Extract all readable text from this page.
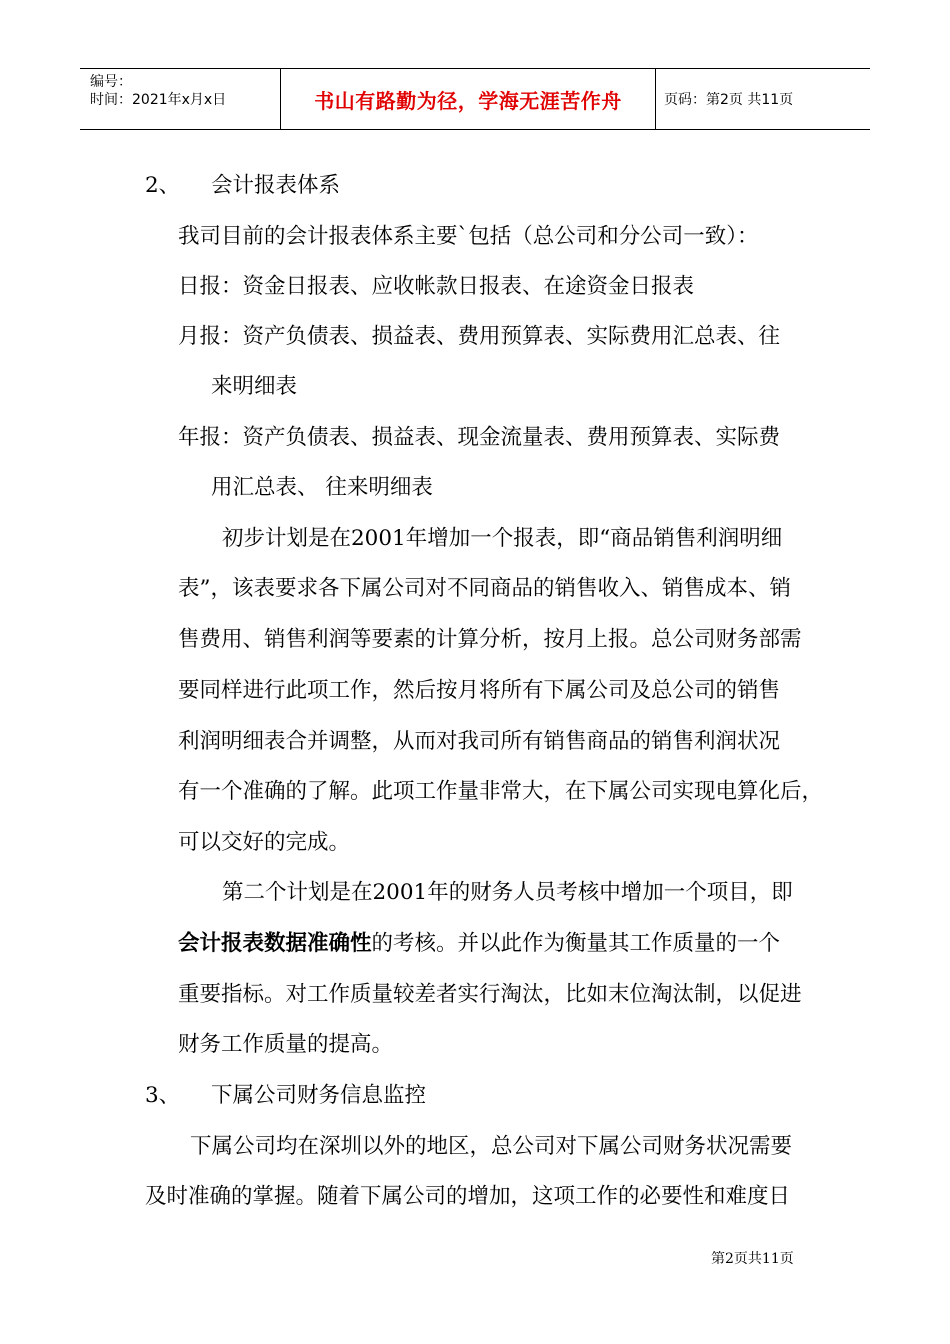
编号：
时间：2021年x月x日	书山有路勤为径，学海无涯苦作舟	页码：第2页 共11页
2、 会计报表体系
我司目前的会计报表体系主要`包括（总公司和分公司一致）：
日报：资金日报表、应收帐款日报表、在途资金日报表
月报：资产负债表、损益表、费用预算表、实际费用汇总表、往
来明细表
年报：资产负债表、损益表、现金流量表、费用预算表、实际费
用汇总表、 往来明细表
初步计划是在2001年增加一个报表，即“商品销售利润明细
表”，该表要求各下属公司对不同商品的销售收入、销售成本、销
售费用、销售利润等要素的计算分析，按月上报。总公司财务部需
要同样进行此项工作，然后按月将所有下属公司及总公司的销售
利润明细表合并调整，从而对我司所有销售商品的销售利润状况
有一个准确的了解。此项工作量非常大，在下属公司实现电算化后，
可以交好的完成。
第二个计划是在2001年的财务人员考核中增加一个项目，即
会计报表数据准确性的考核。并以此作为衡量其工作质量的一个
重要指标。对工作质量较差者实行淘汰，比如末位淘汰制，以促进
财务工作质量的提高。
3、 下属公司财务信息监控
下属公司均在深圳以外的地区，总公司对下属公司财务状况需要
及时准确的掌握。随着下属公司的增加，这项工作的必要性和难度日
第2页共11页
